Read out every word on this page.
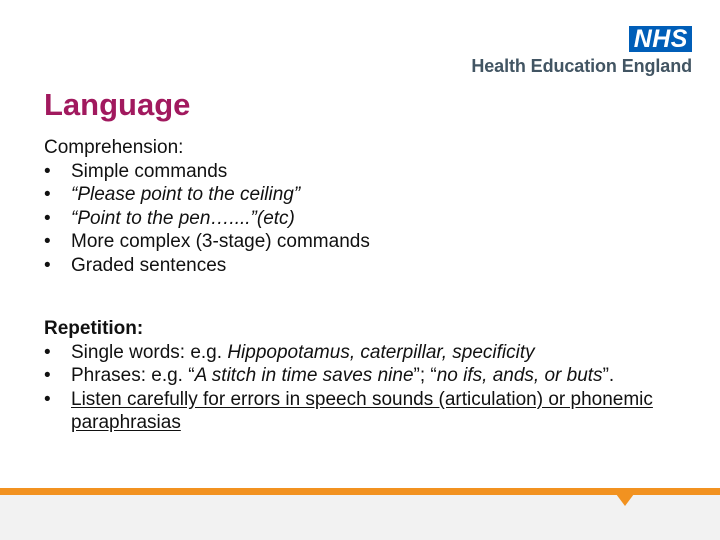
NHS
Health Education England
Language

Comprehension:

• Simple commands
• “Please point to the ceiling”
• “Point to the pen…....”(etc)
• More complex (3-stage) commands
• Graded sentences

Repetition:

• Single words: e.g. Hippopotamus, caterpillar, specificity
• Phrases: e.g. “A stitch in time saves nine”; “no ifs, ands, or buts”.
• Listen carefully for errors in speech sounds (articulation) or phonemic paraphrasias
